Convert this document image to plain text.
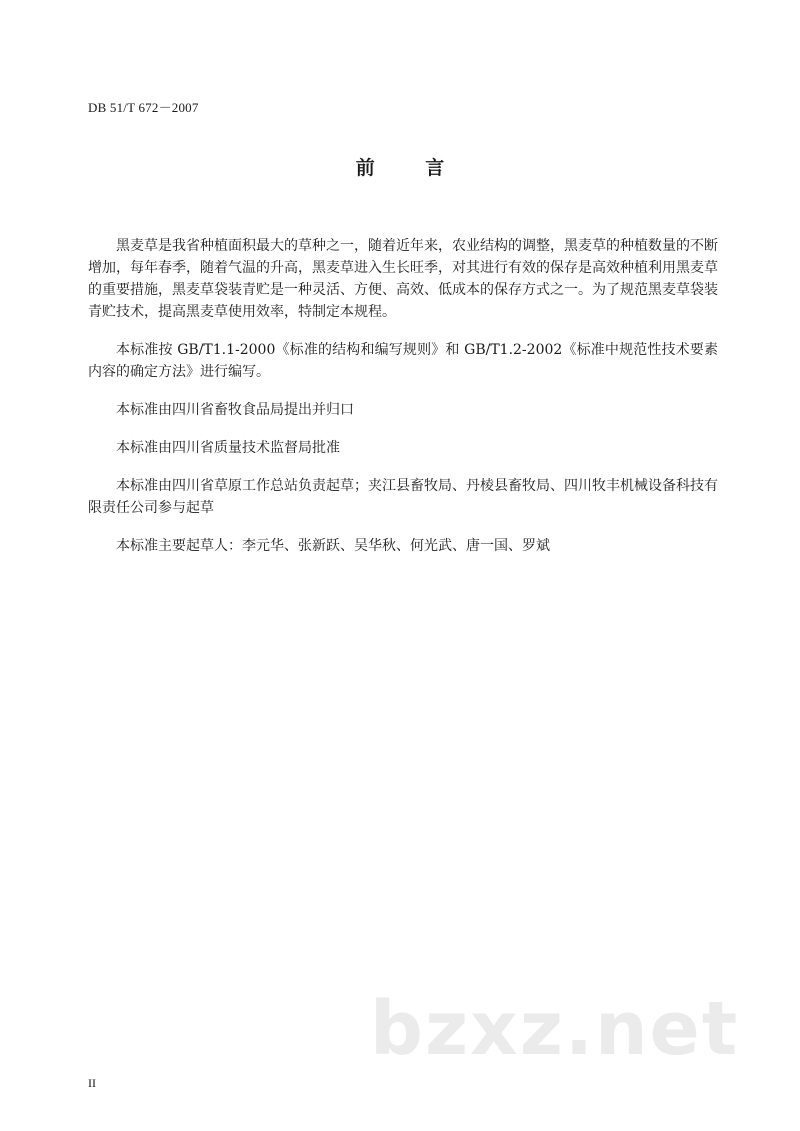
DB 51/T 672－2007
前 言

黑麦草是我省种植面积最大的草种之一，随着近年来，农业结构的调整，黑麦草的种植数量的不断增加，每年春季，随着气温的升高，黑麦草进入生长旺季，对其进行有效的保存是高效种植利用黑麦草的重要措施，黑麦草袋装青贮是一种灵活、方便、高效、低成本的保存方式之一。为了规范黑麦草袋装青贮技术，提高黑麦草使用效率，特制定本规程。

本标准按 GB/T1.1-2000《标准的结构和编写规则》和 GB/T1.2-2002《标准中规范性技术要素内容的确定方法》进行编写。

本标准由四川省畜牧食品局提出并归口

本标准由四川省质量技术监督局批准

本标准由四川省草原工作总站负责起草；夹江县畜牧局、丹棱县畜牧局、四川牧丰机械设备科技有限责任公司参与起草

本标准主要起草人：李元华、张新跃、吴华秋、何光武、唐一国、罗斌

bzxz.net
II
